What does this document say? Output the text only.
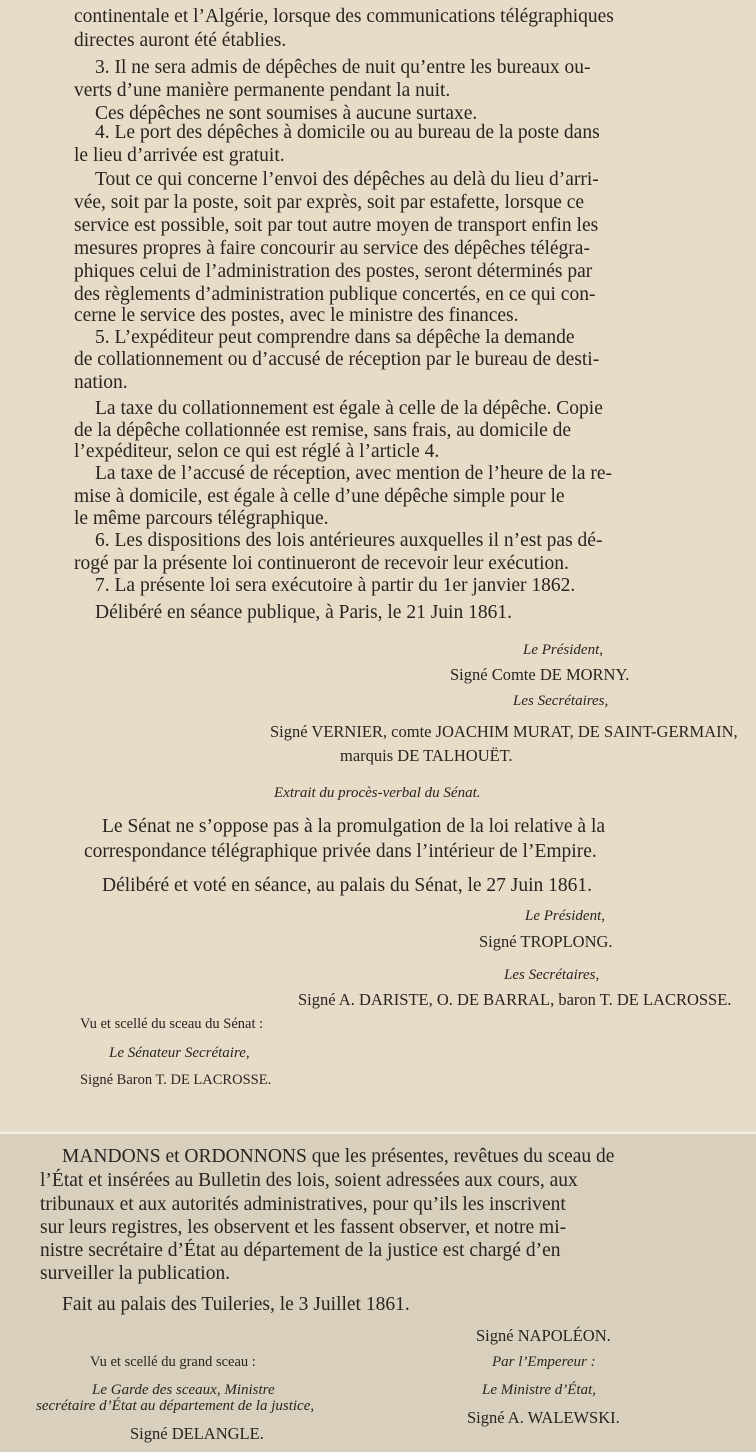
continentale et l’Algérie, lorsque des communications télégraphiques
directes auront été établies.
3. Il ne sera admis de dépêches de nuit qu’entre les bureaux ou-
verts d’une manière permanente pendant la nuit.
Ces dépêches ne sont soumises à aucune surtaxe.
4. Le port des dépêches à domicile ou au bureau de la poste dans
le lieu d’arrivée est gratuit.
Tout ce qui concerne l’envoi des dépêches au delà du lieu d’arri-
vée, soit par la poste, soit par exprès, soit par estafette, lorsque ce
service est possible, soit par tout autre moyen de transport enfin les
mesures propres à faire concourir au service des dépêches télégra-
phiques celui de l’administration des postes, seront déterminés par
des règlements d’administration publique concertés, en ce qui con-
cerne le service des postes, avec le ministre des finances.
5. L’expéditeur peut comprendre dans sa dépêche la demande
de collationnement ou d’accusé de réception par le bureau de desti-
nation.
La taxe du collationnement est égale à celle de la dépêche. Copie
de la dépêche collationnée est remise, sans frais, au domicile de
l’expéditeur, selon ce qui est réglé à l’article 4.
La taxe de l’accusé de réception, avec mention de l’heure de la re-
mise à domicile, est égale à celle d’une dépêche simple pour le
le même parcours télégraphique.
6. Les dispositions des lois antérieures auxquelles il n’est pas dé-
rogé par la présente loi continueront de recevoir leur exécution.
7. La présente loi sera exécutoire à partir du 1er janvier 1862.
Délibéré en séance publique, à Paris, le 21 Juin 1861.
Le Président,
Signé Comte DE MORNY.
Les Secrétaires,
Signé VERNIER, comte JOACHIM MURAT, DE SAINT-GERMAIN,
marquis DE TALHOUËT.
Extrait du procès-verbal du Sénat.
Le Sénat ne s’oppose pas à la promulgation de la loi relative à la
correspondance télégraphique privée dans l’intérieur de l’Empire.
Délibéré et voté en séance, au palais du Sénat, le 27 Juin 1861.
Le Président,
Signé TROPLONG.
Les Secrétaires,
Signé A. DARISTE, O. DE BARRAL, baron T. DE LACROSSE.
Vu et scellé du sceau du Sénat :
Le Sénateur Secrétaire,
Signé Baron T. DE LACROSSE.
MANDONS et ORDONNONS que les présentes, revêtues du sceau de
l’État et insérées au Bulletin des lois, soient adressées aux cours, aux
tribunaux et aux autorités administratives, pour qu’ils les inscrivent
sur leurs registres, les observent et les fassent observer, et notre mi-
nistre secrétaire d’État au département de la justice est chargé d’en
surveiller la publication.
Fait au palais des Tuileries, le 3 Juillet 1861.
Signé NAPOLÉON.
Vu et scellé du grand sceau :	Par l’Empereur :
Le Garde des sceaux, Ministre	Le Ministre d’État,
secrétaire d’État au département de la justice,
Signé A. WALEWSKI.
Signé DELANGLE.
